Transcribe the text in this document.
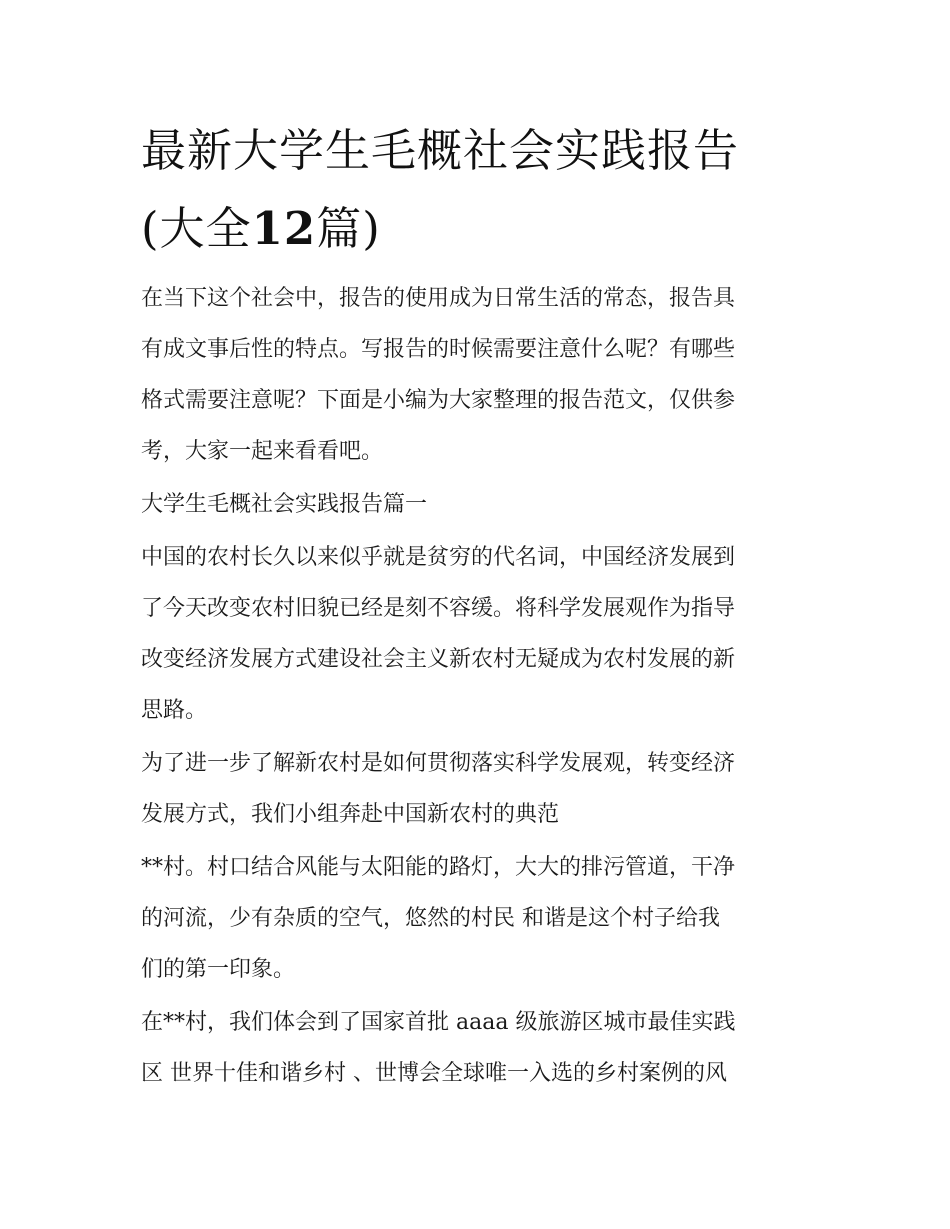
最新大学生毛概社会实践报告
(大全12篇)

在当下这个社会中，报告的使用成为日常生活的常态，报告具
有成文事后性的特点。写报告的时候需要注意什么呢？有哪些
格式需要注意呢？下面是小编为大家整理的报告范文，仅供参
考，大家一起来看看吧。

大学生毛概社会实践报告篇一

中国的农村长久以来似乎就是贫穷的代名词，中国经济发展到
了今天改变农村旧貌已经是刻不容缓。将科学发展观作为指导
改变经济发展方式建设社会主义新农村无疑成为农村发展的新
思路。

为了进一步了解新农村是如何贯彻落实科学发展观，转变经济
发展方式，我们小组奔赴中国新农村的典范

**村。村口结合风能与太阳能的路灯，大大的排污管道，干净
的河流，少有杂质的空气，悠然的村民 和谐是这个村子给我
们的第一印象。

在**村，我们体会到了国家首批 aaaa 级旅游区城市最佳实践
区 世界十佳和谐乡村 、世博会全球唯一入选的乡村案例的风
